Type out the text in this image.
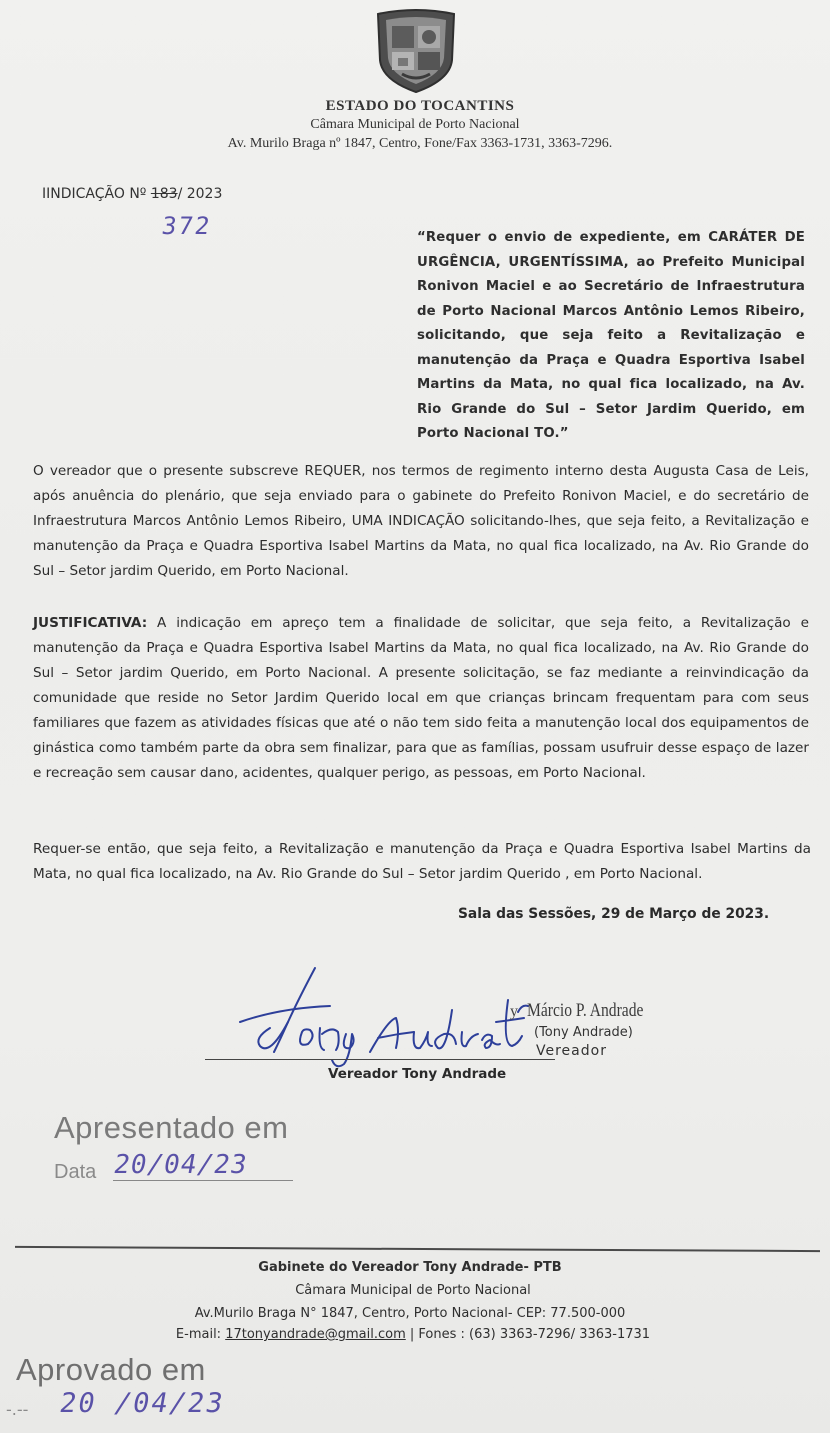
ESTADO DO TOCANTINS
Câmara Municipal de Porto Nacional
Av. Murilo Braga nº 1847, Centro, Fone/Fax 3363-1731, 3363-7296.
IINDICAÇÃO Nº 183/ 2023
372	“Requer o envio de expediente, em CARÁTER DE URGÊNCIA, URGENTÍSSIMA, ao Prefeito Municipal Ronivon Maciel e ao Secretário de Infraestrutura de Porto Nacional Marcos Antônio Lemos Ribeiro, solicitando, que seja feito a Revitalização e manutenção da Praça e Quadra Esportiva Isabel Martins da Mata, no qual fica localizado, na Av. Rio Grande do Sul – Setor Jardim Querido, em Porto Nacional TO.”
O vereador que o presente subscreve REQUER, nos termos de regimento interno desta Augusta Casa de Leis, após anuência do plenário, que seja enviado para o gabinete do Prefeito Ronivon Maciel, e do secretário de Infraestrutura Marcos Antônio Lemos Ribeiro, UMA INDICAÇÃO solicitando-lhes, que seja feito, a Revitalização e manutenção da Praça e Quadra Esportiva Isabel Martins da Mata, no qual fica localizado, na Av. Rio Grande do Sul – Setor jardim Querido, em Porto Nacional.
JUSTIFICATIVA: A indicação em apreço tem a finalidade de solicitar, que seja feito, a Revitalização e manutenção da Praça e Quadra Esportiva Isabel Martins da Mata, no qual fica localizado, na Av. Rio Grande do Sul – Setor jardim Querido, em Porto Nacional. A presente solicitação, se faz mediante a reinvindicação da comunidade que reside no Setor Jardim Querido local em que crianças brincam frequentam para com seus familiares que fazem as atividades físicas que até o não tem sido feita a manutenção local dos equipamentos de ginástica como também parte da obra sem finalizar, para que as famílias, possam usufruir desse espaço de lazer e recreação sem causar dano, acidentes, qualquer perigo, as pessoas, em Porto Nacional.
Requer-se então, que seja feito, a Revitalização e manutenção da Praça e Quadra Esportiva Isabel Martins da Mata, no qual fica localizado, na Av. Rio Grande do Sul – Setor jardim Querido , em Porto Nacional.
Sala das Sessões, 29 de Março de 2023.
y Márcio P. Andrade
(Tony Andrade)
Vereador
Vereador Tony Andrade
Apresentado em
Data 20/04/23
Gabinete do Vereador Tony Andrade- PTB
Câmara Municipal de Porto Nacional
Av.Murilo Braga N° 1847, Centro, Porto Nacional- CEP: 77.500-000
E-mail: 17tonyandrade@gmail.com | Fones : (63) 3363-7296/ 3363-1731
Aprovado em
-.-- 20 /04/23
